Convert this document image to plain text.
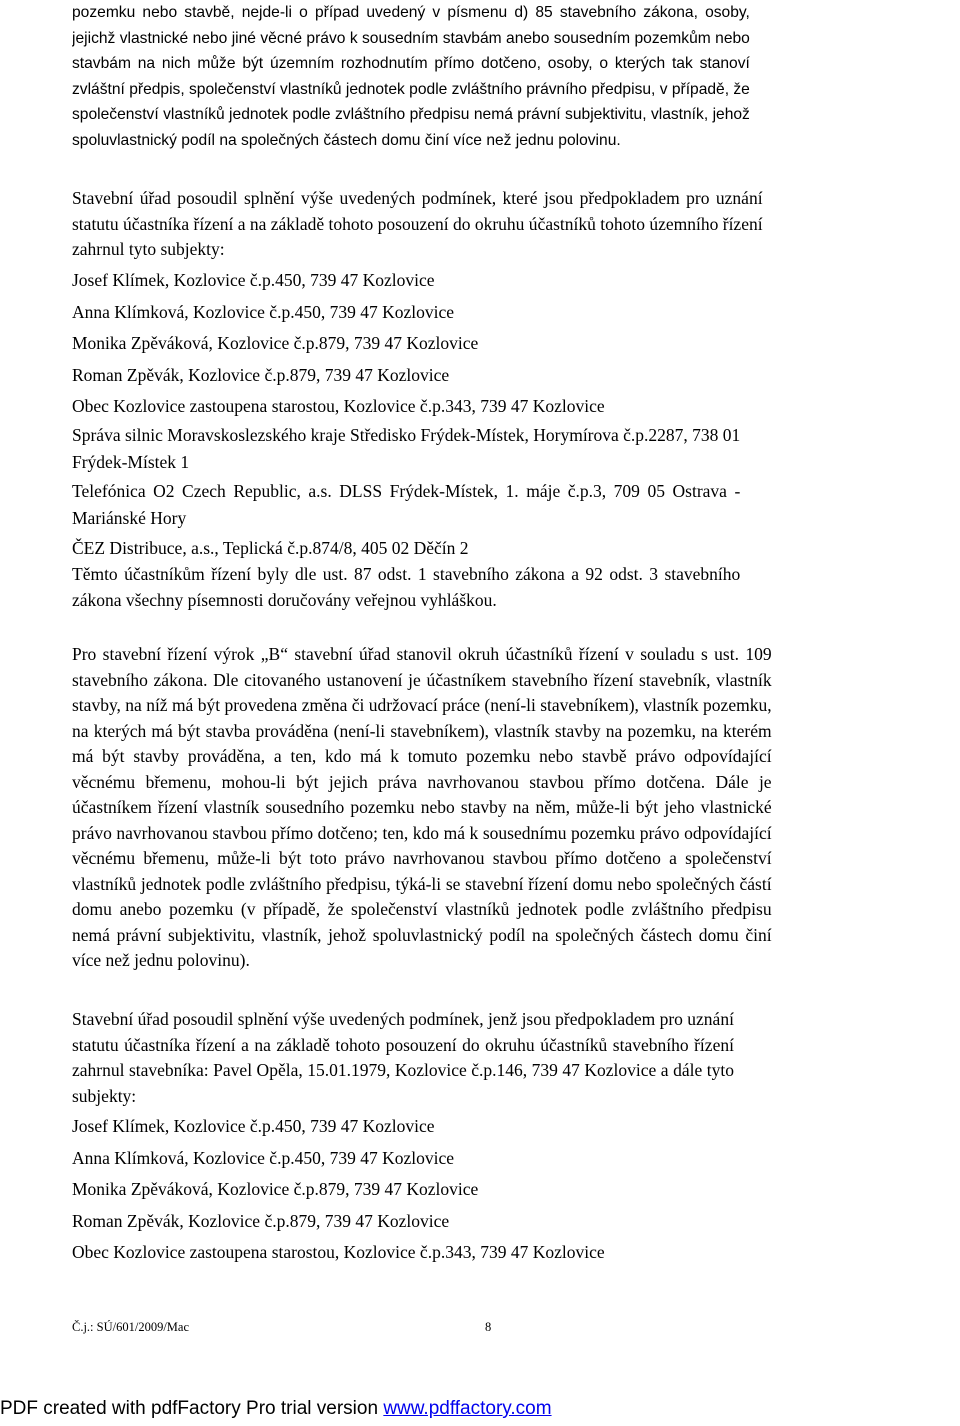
pozemku nebo stavbě, nejde-li o případ uvedený v písmenu d) 85 stavebního zákona, osoby,
jejichž vlastnické nebo jiné věcné právo k sousedním stavbám anebo sousedním pozemkům nebo
stavbám na nich může být územním rozhodnutím přímo dotčeno, osoby, o kterých tak stanoví
zvláštní předpis, společenství vlastníků jednotek podle zvláštního právního předpisu, v případě, že
společenství vlastníků jednotek podle zvláštního předpisu nemá právní subjektivitu, vlastník, jehož
spoluvlastnický podíl na společných částech domu činí více než jednu polovinu.
Stavební úřad posoudil splnění výše uvedených podmínek, které jsou předpokladem pro uznání
statutu účastníka řízení a na základě tohoto posouzení do okruhu účastníků tohoto územního řízení
zahrnul tyto subjekty:
Josef Klímek, Kozlovice č.p.450, 739 47 Kozlovice
Anna Klímková, Kozlovice č.p.450, 739 47 Kozlovice
Monika Zpěváková, Kozlovice č.p.879, 739 47 Kozlovice
Roman Zpěvák, Kozlovice č.p.879, 739 47 Kozlovice
Obec Kozlovice zastoupena starostou, Kozlovice č.p.343, 739 47 Kozlovice
Správa silnic Moravskoslezského kraje Středisko Frýdek-Místek, Horymírova č.p.2287, 738 01
Frýdek-Místek 1
Telefónica O2 Czech Republic, a.s. DLSS Frýdek-Místek, 1. máje č.p.3, 709 05 Ostrava -
Mariánské Hory
ČEZ Distribuce, a.s., Teplická č.p.874/8, 405 02 Děčín 2
Těmto účastníkům řízení byly dle ust. 87 odst. 1 stavebního zákona a 92 odst. 3 stavebního
zákona všechny písemnosti doručovány veřejnou vyhláškou.
Pro stavební řízení výrok „B“ stavební úřad stanovil okruh účastníků řízení v souladu s ust. 109
stavebního zákona. Dle citovaného ustanovení je účastníkem stavebního řízení stavebník, vlastník
stavby, na níž má být provedena změna či udržovací práce (není-li stavebníkem), vlastník pozemku,
na kterých má být stavba prováděna (není-li stavebníkem), vlastník stavby na pozemku, na kterém
má být stavby prováděna, a ten, kdo má k tomuto pozemku nebo stavbě právo odpovídající
věcnému břemenu, mohou-li být jejich práva navrhovanou stavbou přímo dotčena. Dále je
účastníkem řízení vlastník sousedního pozemku nebo stavby na něm, může-li být jeho vlastnické
právo navrhovanou stavbou přímo dotčeno; ten, kdo má k sousednímu pozemku právo odpovídající
věcnému břemenu, může-li být toto právo navrhovanou stavbou přímo dotčeno a společenství
vlastníků jednotek podle zvláštního předpisu, týká-li se stavební řízení domu nebo společných částí
domu anebo pozemku (v případě, že společenství vlastníků jednotek podle zvláštního předpisu
nemá právní subjektivitu, vlastník, jehož spoluvlastnický podíl na společných částech domu činí
více než jednu polovinu).
Stavební úřad posoudil splnění výše uvedených podmínek, jenž jsou předpokladem pro uznání
statutu účastníka řízení a na základě tohoto posouzení do okruhu účastníků stavebního řízení
zahrnul stavebníka: Pavel Opěla, 15.01.1979, Kozlovice č.p.146, 739 47 Kozlovice a dále tyto
subjekty:
Josef Klímek, Kozlovice č.p.450, 739 47 Kozlovice
Anna Klímková, Kozlovice č.p.450, 739 47 Kozlovice
Monika Zpěváková, Kozlovice č.p.879, 739 47 Kozlovice
Roman Zpěvák, Kozlovice č.p.879, 739 47 Kozlovice
Obec Kozlovice zastoupena starostou, Kozlovice č.p.343, 739 47 Kozlovice
Č.j.: SÚ/601/2009/Mac	8
PDF created with pdfFactory Pro trial version www.pdffactory.com
